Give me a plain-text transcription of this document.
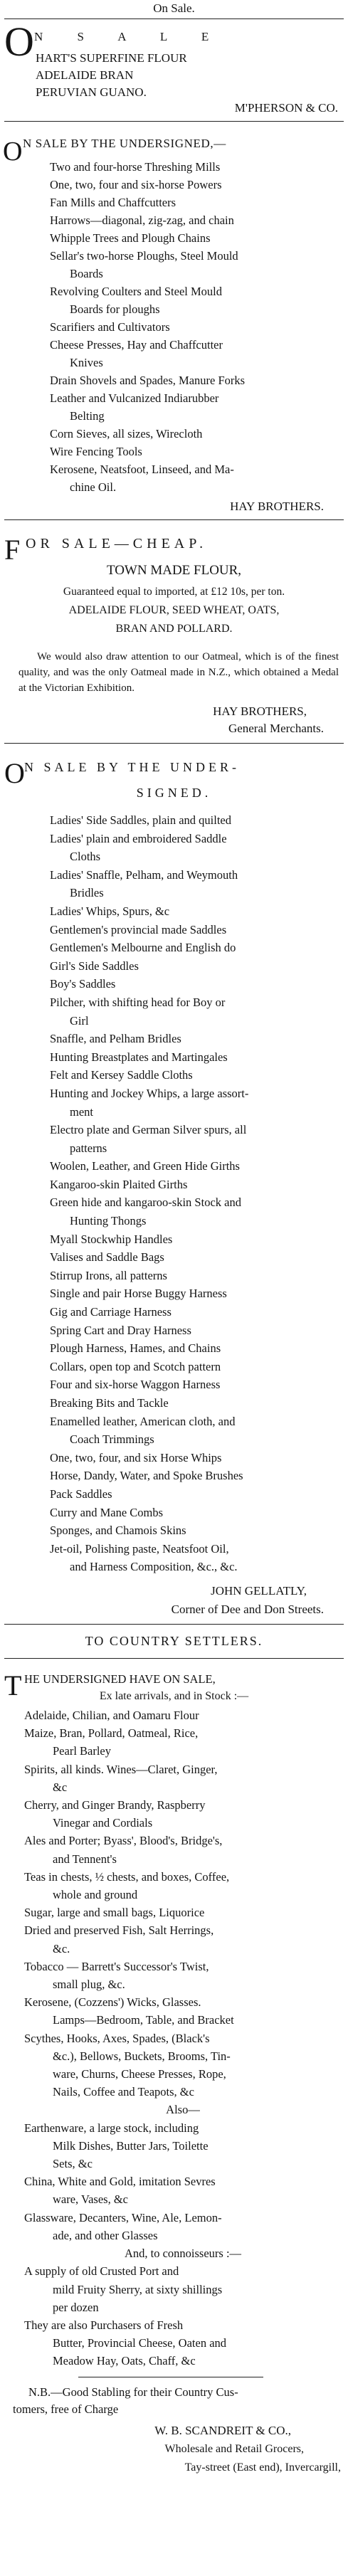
On Sale.
O N S A L E
HART'S SUPERFINE FLOUR
ADELAIDE BRAN
PERUVIAN GUANO.
M'PHERSON & CO.
O N SALE BY THE UNDERSIGNED,—
Two and four-horse Threshing Mills
One, two, four and six-horse Powers
Fan Mills and Chaffcutters
Harrows—diagonal, zig-zag, and chain
Whipple Trees and Plough Chains
Sellar's two-horse Ploughs, Steel Mould
Boards
Revolving Coulters and Steel Mould
Boards for ploughs
Scarifiers and Cultivators
Cheese Presses, Hay and Chaffcutter
Knives
Drain Shovels and Spades, Manure Forks
Leather and Vulcanized Indiarubber
Belting
Corn Sieves, all sizes, Wirecloth
Wire Fencing Tools
Kerosene, Neatsfoot, Linseed, and Ma-
chine Oil.
HAY BROTHERS.
F OR SALE—CHEAP.
TOWN MADE FLOUR,
Guaranteed equal to imported, at £12 10s, per ton.
ADELAIDE FLOUR, SEED WHEAT, OATS,
BRAN AND POLLARD.
We would also draw attention to our Oatmeal, which is of the finest quality, and was the only Oatmeal made in N.Z., which obtained a Medal at the Victorian Exhibition.
HAY BROTHERS,
General Merchants.
O N SALE BY THE UNDER-
SIGNED.
Ladies' Side Saddles, plain and quilted
Ladies' plain and embroidered Saddle
Cloths
Ladies' Snaffle, Pelham, and Weymouth
Bridles
Ladies' Whips, Spurs, &c
Gentlemen's provincial made Saddles
Gentlemen's Melbourne and English do
Girl's Side Saddles
Boy's Saddles
Pilcher, with shifting head for Boy or
Girl
Snaffle, and Pelham Bridles
Hunting Breastplates and Martingales
Felt and Kersey Saddle Cloths
Hunting and Jockey Whips, a large assort-
ment
Electro plate and German Silver spurs, all
patterns
Woolen, Leather, and Green Hide Girths
Kangaroo-skin Plaited Girths
Green hide and kangaroo-skin Stock and
Hunting Thongs
Myall Stockwhip Handles
Valises and Saddle Bags
Stirrup Irons, all patterns
Single and pair Horse Buggy Harness
Gig and Carriage Harness
Spring Cart and Dray Harness
Plough Harness, Hames, and Chains
Collars, open top and Scotch pattern
Four and six-horse Waggon Harness
Breaking Bits and Tackle
Enamelled leather, American cloth, and
Coach Trimmings
One, two, four, and six Horse Whips
Horse, Dandy, Water, and Spoke Brushes
Pack Saddles
Curry and Mane Combs
Sponges, and Chamois Skins
Jet-oil, Polishing paste, Neatsfoot Oil,
and Harness Composition, &c., &c.
JOHN GELLATLY,
Corner of Dee and Don Streets.
TO COUNTRY SETTLERS.
T HE UNDERSIGNED HAVE ON SALE,
Ex late arrivals, and in Stock :—
Adelaide, Chilian, and Oamaru Flour
Maize, Bran, Pollard, Oatmeal, Rice,
Pearl Barley
Spirits, all kinds. Wines—Claret, Ginger,
&c
Cherry, and Ginger Brandy, Raspberry
Vinegar and Cordials
Ales and Porter; Byass', Blood's, Bridge's,
and Tennent's
Teas in chests, ½ chests, and boxes, Coffee,
whole and ground
Sugar, large and small bags, Liquorice
Dried and preserved Fish, Salt Herrings,
&c.
Tobacco — Barrett's Successor's Twist,
small plug, &c.
Kerosene, (Cozzens') Wicks, Glasses.
Lamps—Bedroom, Table, and Bracket
Scythes, Hooks, Axes, Spades, (Black's
&c.), Bellows, Buckets, Brooms, Tin-
ware, Churns, Cheese Presses, Rope,
Nails, Coffee and Teapots, &c
Also—
Earthenware, a large stock, including
Milk Dishes, Butter Jars, Toilette
Sets, &c
China, White and Gold, imitation Sevres
ware, Vases, &c
Glassware, Decanters, Wine, Ale, Lemon-
ade, and other Glasses
And, to connoisseurs :—
A supply of old Crusted Port and
mild Fruity Sherry, at sixty shillings
per dozen
They are also Purchasers of Fresh
Butter, Provincial Cheese, Oaten and
Meadow Hay, Oats, Chaff, &c
N.B.—Good Stabling for their Country Cus-
tomers, free of Charge
W. B. SCANDREIT & CO.,
Wholesale and Retail Grocers,
Tay-street (East end), Invercargill,
